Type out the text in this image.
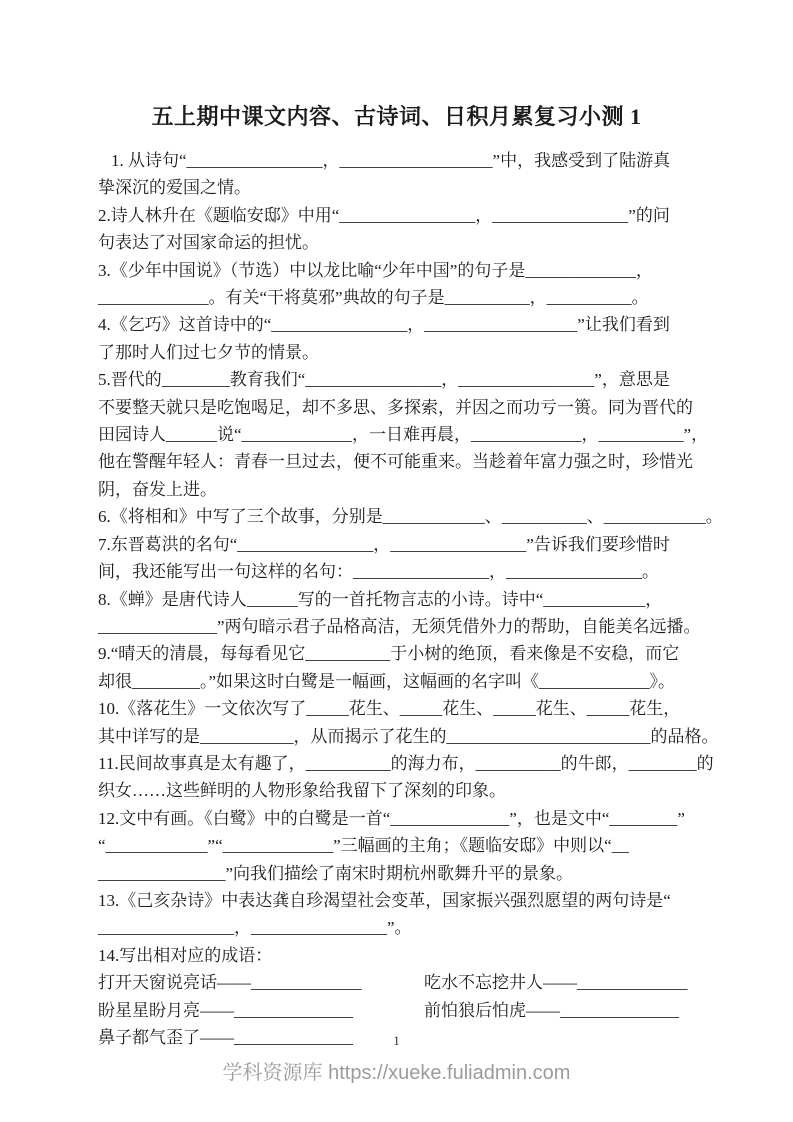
五上期中课文内容、古诗词、日积月累复习小测 1
1. 从诗句“________________，__________________”中，我感受到了陆游真
挚深沉的爱国之情。
2.诗人林升在《题临安邸》中用“________________，________________”的问
句表达了对国家命运的担忧。
3.《少年中国说》（节选）中以龙比喻“少年中国”的句子是_____________，
_____________。有关“干将莫邪”典故的句子是__________，__________。
4.《乞巧》这首诗中的“________________，__________________”让我们看到
了那时人们过七夕节的情景。
5.晋代的________教育我们“________________，________________”，意思是
不要整天就只是吃饱喝足，却不多思、多探索，并因之而功亏一篑。同为晋代的
田园诗人______说“_____________，一日难再晨，_____________，__________”，
他在警醒年轻人：青春一旦过去，便不可能重来。当趁着年富力强之时，珍惜光
阴，奋发上进。
6.《将相和》中写了三个故事，分别是____________、__________、____________。
7.东晋葛洪的名句“________________，________________”告诉我们要珍惜时
间，我还能写出一句这样的名句：________________，________________。
8.《蝉》是唐代诗人______写的一首托物言志的小诗。诗中“____________，
______________”两句暗示君子品格高洁，无须凭借外力的帮助，自能美名远播。
9.“晴天的清晨，每每看见它__________于小树的绝顶，看来像是不安稳，而它
却很________。”如果这时白鹭是一幅画，这幅画的名字叫《_____________》。
10.《落花生》一文依次写了_____花生、_____花生、_____花生、_____花生，
其中详写的是___________，从而揭示了花生的________________________的品格。
11.民间故事真是太有趣了，__________的海力布，__________的牛郎，________的
织女……这些鲜明的人物形象给我留下了深刻的印象。
12.文中有画。《白鹭》中的白鹭是一首“______________”，也是文中“________”
“____________”“_____________”三幅画的主角；《题临安邸》中则以“__
_______________”向我们描绘了南宋时期杭州歌舞升平的景象。
13.《己亥杂诗》中表达龚自珍渴望社会变革，国家振兴强烈愿望的两句诗是“
________________，________________”。
14.写出相对应的成语：
打开天窗说亮话——_____________	吃水不忘挖井人——_____________
盼星星盼月亮——______________	前怕狼后怕虎——______________
鼻子都气歪了——______________	1
学科资源库 https://xueke.fuliadmin.com
